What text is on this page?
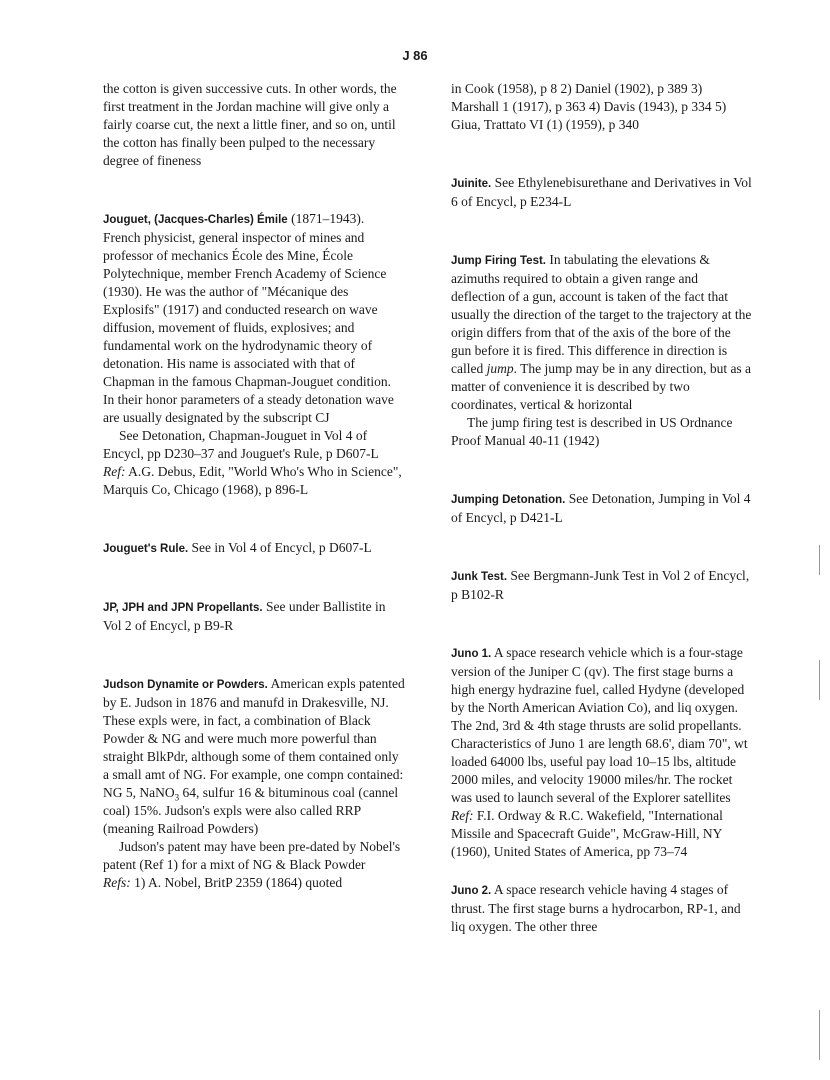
J 86

the cotton is given successive cuts. In other words, the first treatment in the Jordan machine will give only a fairly coarse cut, the next a little finer, and so on, until the cotton has finally been pulped to the necessary degree of fineness

Jouguet, (Jacques-Charles) Émile (1871–1943). French physicist, general inspector of mines and professor of mechanics École des Mine, École Polytechnique, member French Academy of Science (1930). He was the author of "Mécanique des Explosifs" (1917) and conducted research on wave diffusion, movement of fluids, explosives; and fundamental work on the hydrodynamic theory of detonation. His name is associated with that of Chapman in the famous Chapman-Jouguet condition. In their honor parameters of a steady detonation wave are usually designated by the subscript CJ
See Detonation, Chapman-Jouguet in Vol 4 of Encycl, pp D230–37 and Jouguet's Rule, p D607-L
Ref: A.G. Debus, Edit, "World Who's Who in Science", Marquis Co, Chicago (1968), p 896-L

Jouguet's Rule. See in Vol 4 of Encycl, p D607-L

JP, JPH and JPN Propellants. See under Ballistite in Vol 2 of Encycl, p B9-R

Judson Dynamite or Powders. American expls patented by E. Judson in 1876 and manufd in Drakesville, NJ. These expls were, in fact, a combination of Black Powder & NG and were much more powerful than straight BlkPdr, although some of them contained only a small amt of NG. For example, one compn contained: NG 5, NaNO$_3$ 64, sulfur 16 & bituminous coal (cannel coal) 15%. Judson's expls were also called RRP (meaning Railroad Powders)
Judson's patent may have been pre-dated by Nobel's patent (Ref 1) for a mixt of NG & Black Powder
Refs: 1) A. Nobel, BritP 2359 (1864) quoted

in Cook (1958), p 8 2) Daniel (1902), p 389 3) Marshall 1 (1917), p 363 4) Davis (1943), p 334 5) Giua, Trattato VI (1) (1959), p 340

Juinite. See Ethylenebisurethane and Derivatives in Vol 6 of Encycl, p E234-L

Jump Firing Test. In tabulating the elevations & azimuths required to obtain a given range and deflection of a gun, account is taken of the fact that usually the direction of the target to the trajectory at the origin differs from that of the axis of the bore of the gun before it is fired. This difference in direction is called jump. The jump may be in any direction, but as a matter of convenience it is described by two coordinates, vertical & horizontal
The jump firing test is described in US Ordnance Proof Manual 40-11 (1942)

Jumping Detonation. See Detonation, Jumping in Vol 4 of Encycl, p D421-L

Junk Test. See Bergmann-Junk Test in Vol 2 of Encycl, p B102-R

Juno 1. A space research vehicle which is a four-stage version of the Juniper C (qv). The first stage burns a high energy hydrazine fuel, called Hydyne (developed by the North American Aviation Co), and liq oxygen. The 2nd, 3rd & 4th stage thrusts are solid propellants. Characteristics of Juno 1 are length 68.6', diam 70", wt loaded 64000 lbs, useful pay load 10–15 lbs, altitude 2000 miles, and velocity 19000 miles/hr. The rocket was used to launch several of the Explorer satellites
Ref: F.I. Ordway & R.C. Wakefield, "International Missile and Spacecraft Guide", McGraw-Hill, NY (1960), United States of America, pp 73–74

Juno 2. A space research vehicle having 4 stages of thrust. The first stage burns a hydrocarbon, RP-1, and liq oxygen. The other three
